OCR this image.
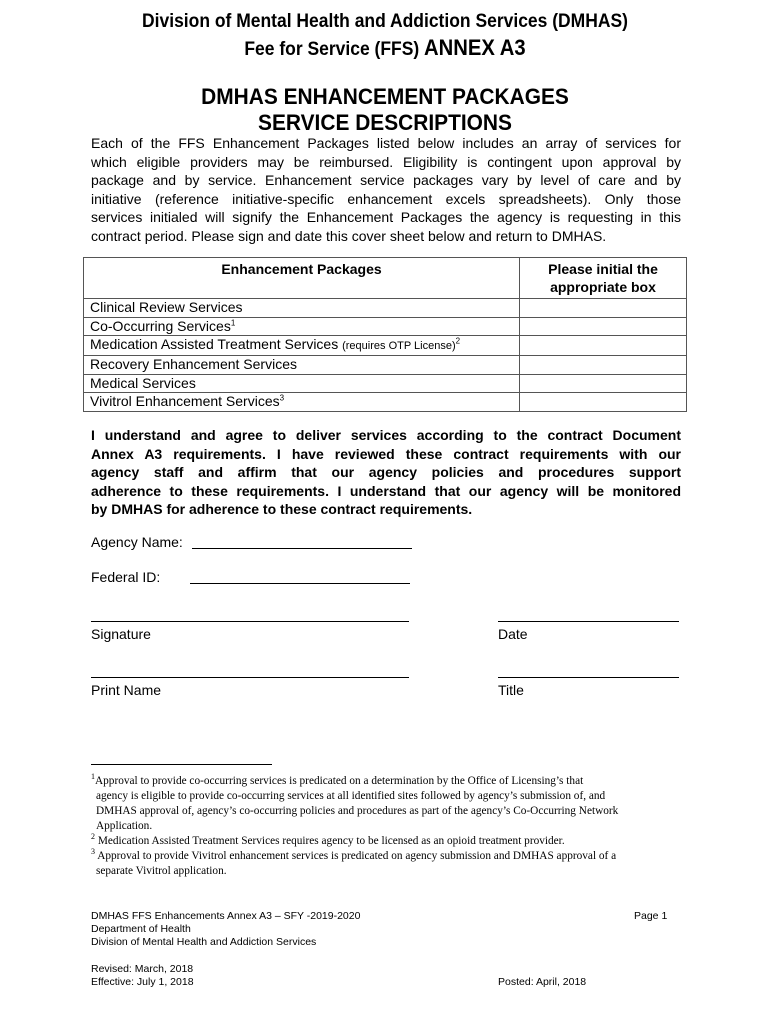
Division of Mental Health and Addiction Services (DMHAS)
Fee for Service (FFS) ANNEX A3
DMHAS ENHANCEMENT PACKAGES
SERVICE DESCRIPTIONS
Each of the FFS Enhancement Packages listed below includes an array of services for
which eligible providers may be reimbursed. Eligibility is contingent upon approval by
package and by service. Enhancement service packages vary by level of care and by
initiative (reference initiative-specific enhancement excels spreadsheets). Only those
services initialed will signify the Enhancement Packages the agency is requesting in this
contract period. Please sign and date this cover sheet below and return to DMHAS.
Enhancement Packages	Please initial the
appropriate box
Clinical Review Services	
Co-Occurring Services$^1$	
Medication Assisted Treatment Services (requires OTP License)$^2$	
Recovery Enhancement Services	
Medical Services	
Vivitrol Enhancement Services$^3$	
I understand and agree to deliver services according to the contract Document
Annex A3 requirements. I have reviewed these contract requirements with our
agency staff and affirm that our agency policies and procedures support
adherence to these requirements. I understand that our agency will be monitored
by DMHAS for adherence to these contract requirements.
Agency Name:
Federal ID:
Signature	Date
Print Name	Title
$^1$Approval to provide co-occurring services is predicated on a determination by the Office of Licensing’s that
agency is eligible to provide co-occurring services at all identified sites followed by agency’s submission of, and
DMHAS approval of, agency’s co-occurring policies and procedures as part of the agency’s Co-Occurring Network
Application.
$^2$ Medication Assisted Treatment Services requires agency to be licensed as an opioid treatment provider.
$^3$ Approval to provide Vivitrol enhancement services is predicated on agency submission and DMHAS approval of a
separate Vivitrol application.
DMHAS FFS Enhancements Annex A3 – SFY -2019-2020	Page 1
Department of Health
Division of Mental Health and Addiction Services
Revised: March, 2018
Effective: July 1, 2018	Posted: April, 2018
